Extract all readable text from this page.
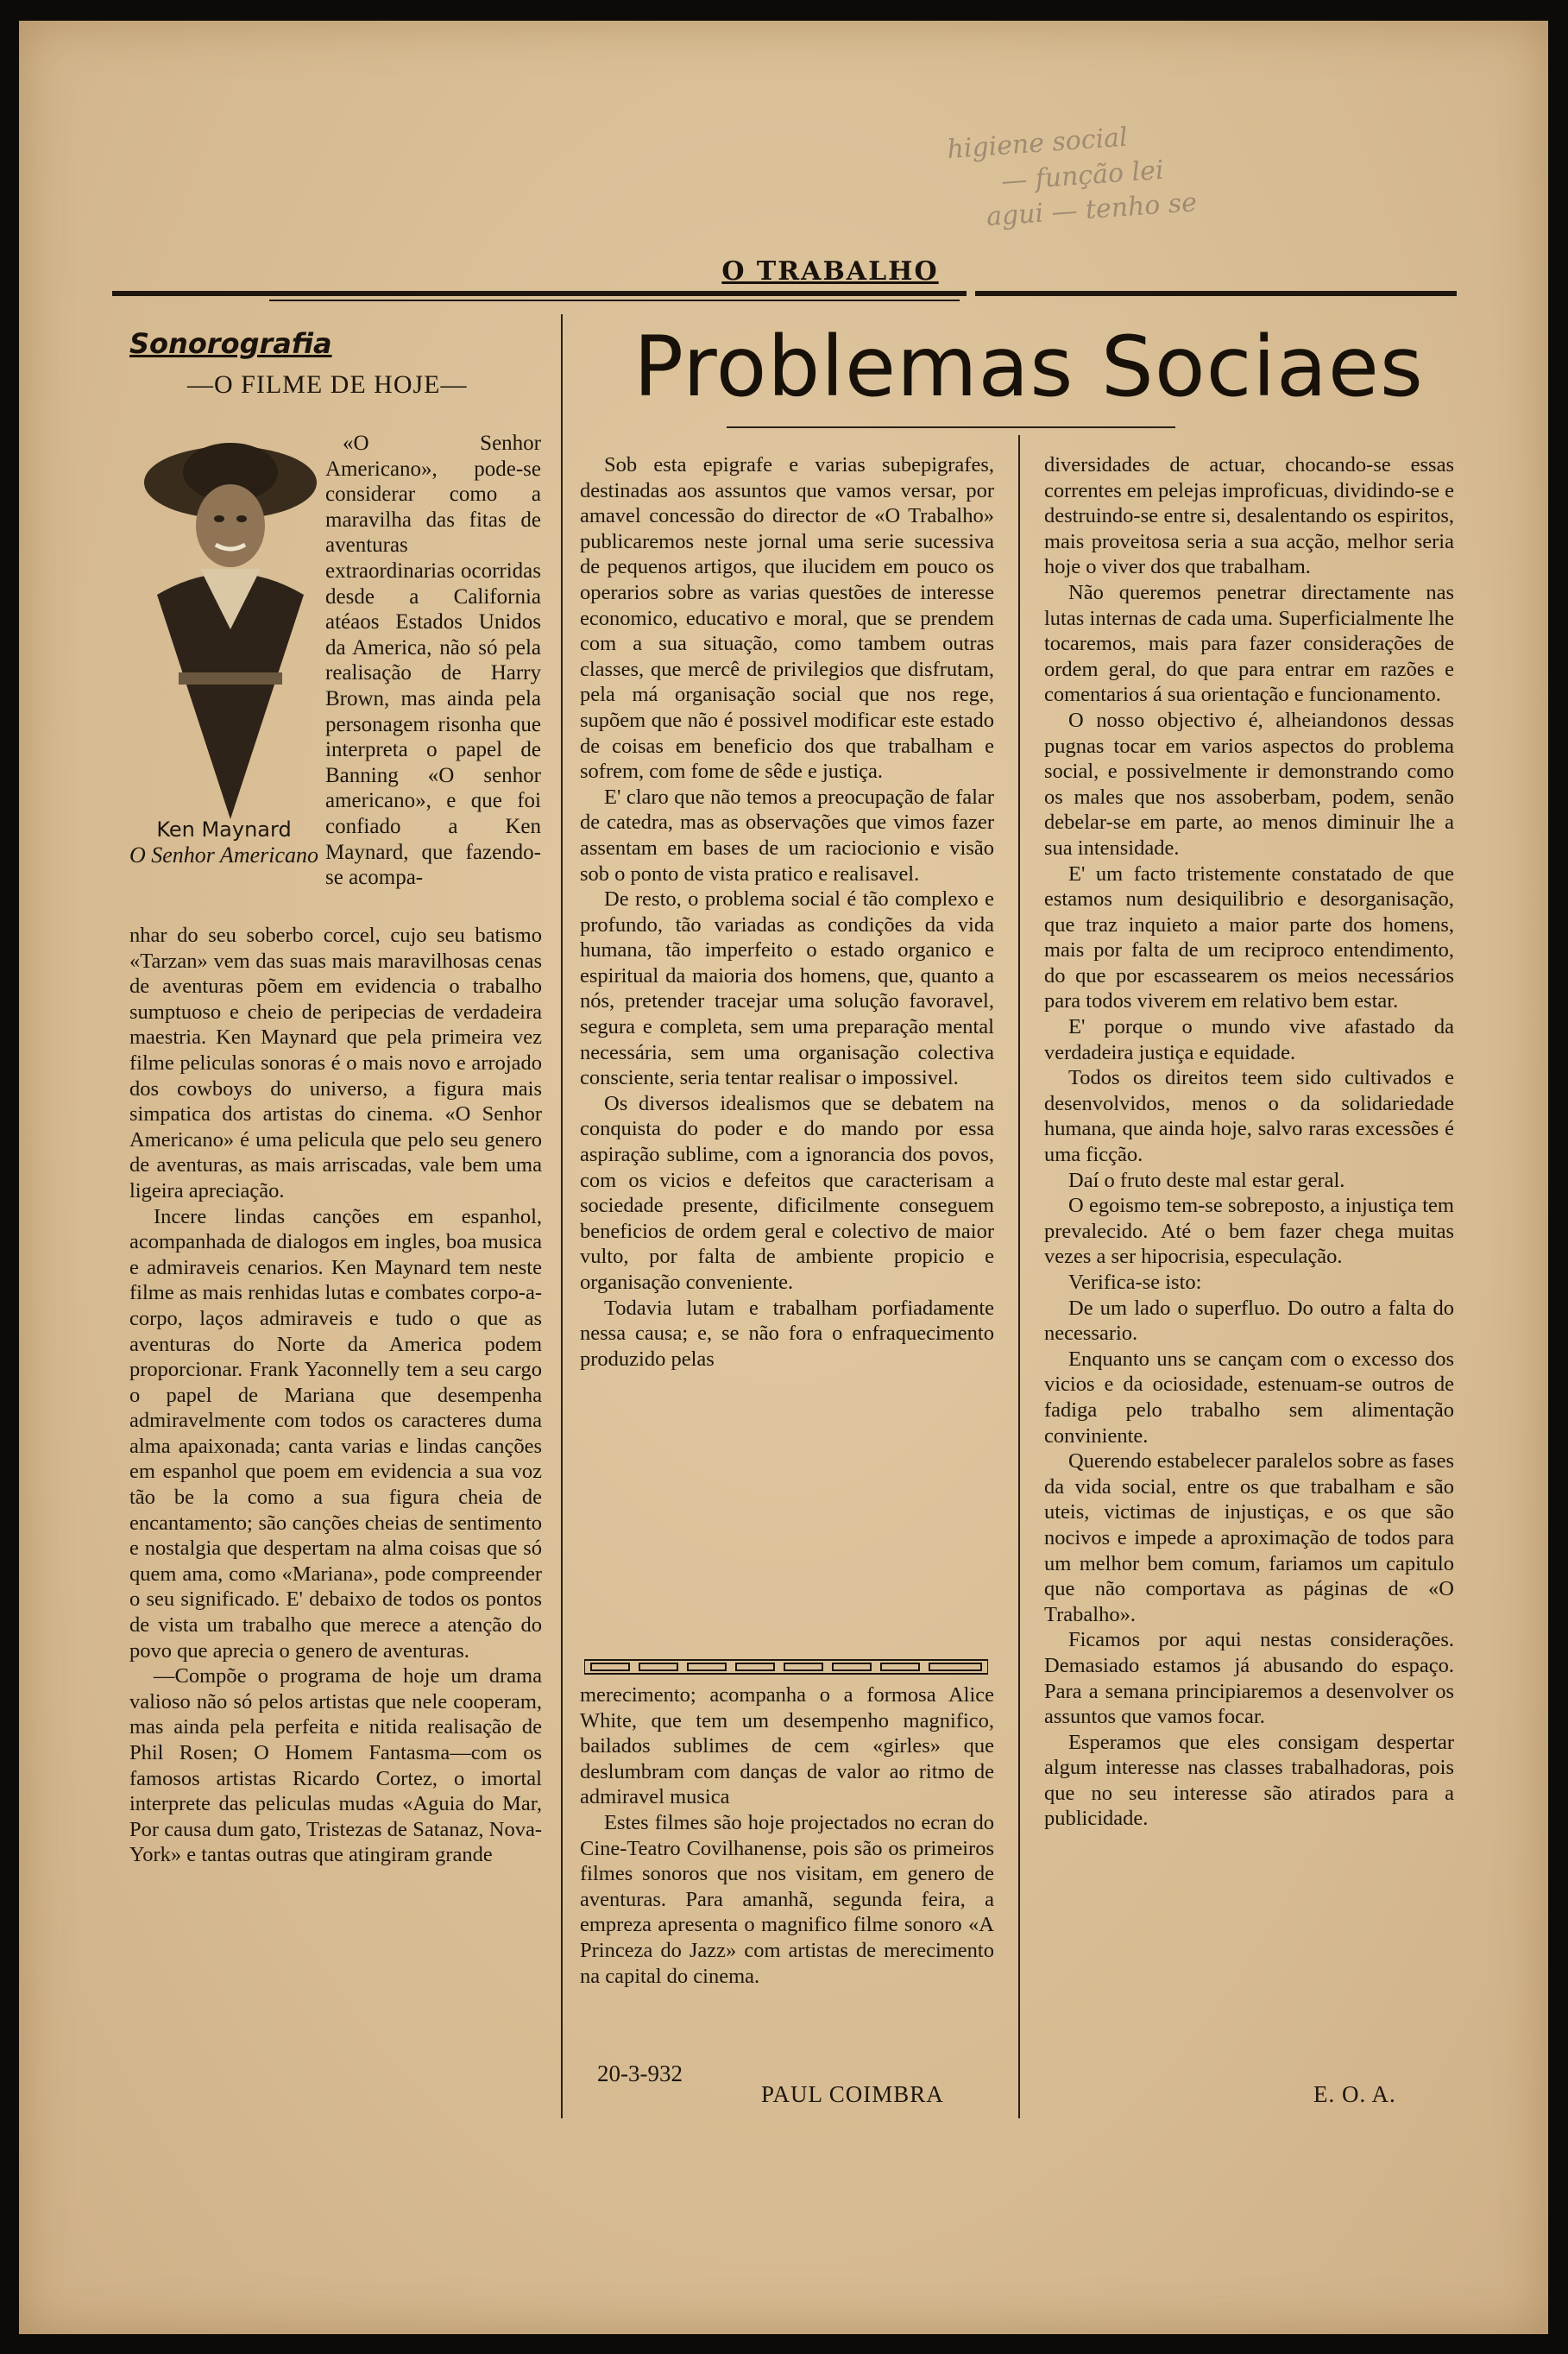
higiene social
— função lei
agui — tenho se
O TRABALHO
Sonorografia
—O FILME DE HOJE—
Ken Maynard
O Senhor Americano
«O Senhor Americano», pode-se considerar como a maravilha das fitas de aventuras extraordinarias ocorridas desde a California atéaos Estados Unidos da America, não só pela realisação de Harry Brown, mas ainda pela personagem risonha que interpreta o papel de Banning «O senhor americano», e que foi confiado a Ken Maynard, que fazendo-se acompa-

nhar do seu soberbo corcel, cujo seu batismo «Tarzan» vem das suas mais maravilhosas cenas de aventuras põem em evidencia o trabalho sumptuoso e cheio de peripecias de verdadeira maestria. Ken Maynard que pela primeira vez filme peliculas sonoras é o mais novo e arrojado dos cowboys do universo, a figura mais simpatica dos artistas do cinema. «O Senhor Americano» é uma pelicula que pelo seu genero de aventuras, as mais arriscadas, vale bem uma ligeira apreciação.

Incere lindas canções em espanhol, acompanhada de dialogos em ingles, boa musica e admiraveis cenarios. Ken Maynard tem neste filme as mais renhidas lutas e combates corpo-a-corpo, laços admiraveis e tudo o que as aventuras do Norte da America podem proporcionar. Frank Yaconnelly tem a seu cargo o papel de Mariana que desempenha admiravelmente com todos os caracteres duma alma apaixonada; canta varias e lindas canções em espanhol que poem em evidencia a sua voz tão be la como a sua figura cheia de encantamento; são canções cheias de sentimento e nostalgia que despertam na alma coisas que só quem ama, como «Mariana», pode compreender o seu significado. E' debaixo de todos os pontos de vista um trabalho que merece a atenção do povo que aprecia o genero de aventuras.

—Compõe o programa de hoje um drama valioso não só pelos artistas que nele cooperam, mas ainda pela perfeita e nitida realisação de Phil Rosen; O Homem Fantasma—com os famosos artistas Ricardo Cortez, o imortal interprete das peliculas mudas «Aguia do Mar, Por causa dum gato, Tristezas de Satanaz, Nova-York» e tantas outras que atingiram grande

Problemas Sociaes

Sob esta epigrafe e varias subepigrafes, destinadas aos assuntos que vamos versar, por amavel concessão do director de «O Trabalho» publicaremos neste jornal uma serie sucessiva de pequenos artigos, que ilucidem em pouco os operarios sobre as varias questões de interesse economico, educativo e moral, que se prendem com a sua situação, como tambem outras classes, que mercê de privilegios que disfrutam, pela má organisação social que nos rege, supõem que não é possivel modificar este estado de coisas em beneficio dos que trabalham e sofrem, com fome de sêde e justiça.

E' claro que não temos a preocupação de falar de catedra, mas as observações que vimos fazer assentam em bases de um raciocionio e visão sob o ponto de vista pratico e realisavel.

De resto, o problema social é tão complexo e profundo, tão variadas as condições da vida humana, tão imperfeito o estado organico e espiritual da maioria dos homens, que, quanto a nós, pretender tracejar uma solução favoravel, segura e completa, sem uma preparação mental necessária, sem uma organisação colectiva consciente, seria tentar realisar o impossivel.

Os diversos idealismos que se debatem na conquista do poder e do mando por essa aspiração sublime, com a ignorancia dos povos, com os vicios e defeitos que caracterisam a sociedade presente, dificilmente conseguem beneficios de ordem geral e colectivo de maior vulto, por falta de ambiente propicio e organisação conveniente.

Todavia lutam e trabalham porfiadamente nessa causa; e, se não fora o enfraquecimento produzido pelas

merecimento; acompanha o a formosa Alice White, que tem um desempenho magnifico, bailados sublimes de cem «girles» que deslumbram com danças de valor ao ritmo de admiravel musica

Estes filmes são hoje projectados no ecran do Cine-Teatro Covilhanense, pois são os primeiros filmes sonoros que nos visitam, em genero de aventuras. Para amanhã, segunda feira, a empreza apresenta o magnifico filme sonoro «A Princeza do Jazz» com artistas de merecimento na capital do cinema.

20-3-932
PAUL COIMBRA

diversidades de actuar, chocando-se essas correntes em pelejas improficuas, dividindo-se e destruindo-se entre si, desalentando os espiritos, mais proveitosa seria a sua acção, melhor seria hoje o viver dos que trabalham.

Não queremos penetrar directamente nas lutas internas de cada uma. Superficialmente lhe tocaremos, mais para fazer considerações de ordem geral, do que para entrar em razões e comentarios á sua orientação e funcionamento.

O nosso objectivo é, alheiandonos dessas pugnas tocar em varios aspectos do problema social, e possivelmente ir demonstrando como os males que nos assoberbam, podem, senão debelar-se em parte, ao menos diminuir lhe a sua intensidade.

E' um facto tristemente constatado de que estamos num desiquilibrio e desorganisação, que traz inquieto a maior parte dos homens, mais por falta de um reciproco entendimento, do que por escassearem os meios necessários para todos viverem em relativo bem estar.

E' porque o mundo vive afastado da verdadeira justiça e equidade.

Todos os direitos teem sido cultivados e desenvolvidos, menos o da solidariedade humana, que ainda hoje, salvo raras excessões é uma ficção.

Daí o fruto deste mal estar geral.

O egoismo tem-se sobreposto, a injustiça tem prevalecido. Até o bem fazer chega muitas vezes a ser hipocrisia, especulação.

Verifica-se isto:

De um lado o superfluo. Do outro a falta do necessario.

Enquanto uns se cançam com o excesso dos vicios e da ociosidade, estenuam-se outros de fadiga pelo trabalho sem alimentação conviniente.

Querendo estabelecer paralelos sobre as fases da vida social, entre os que trabalham e são uteis, victimas de injustiças, e os que são nocivos e impede a aproximação de todos para um melhor bem comum, fariamos um capitulo que não comportava as páginas de «O Trabalho».

Ficamos por aqui nestas considerações. Demasiado estamos já abusando do espaço. Para a semana principiaremos a desenvolver os assuntos que vamos focar.

Esperamos que eles consigam despertar algum interesse nas classes trabalhadoras, pois que no seu interesse são atirados para a publicidade.

E. O. A.
